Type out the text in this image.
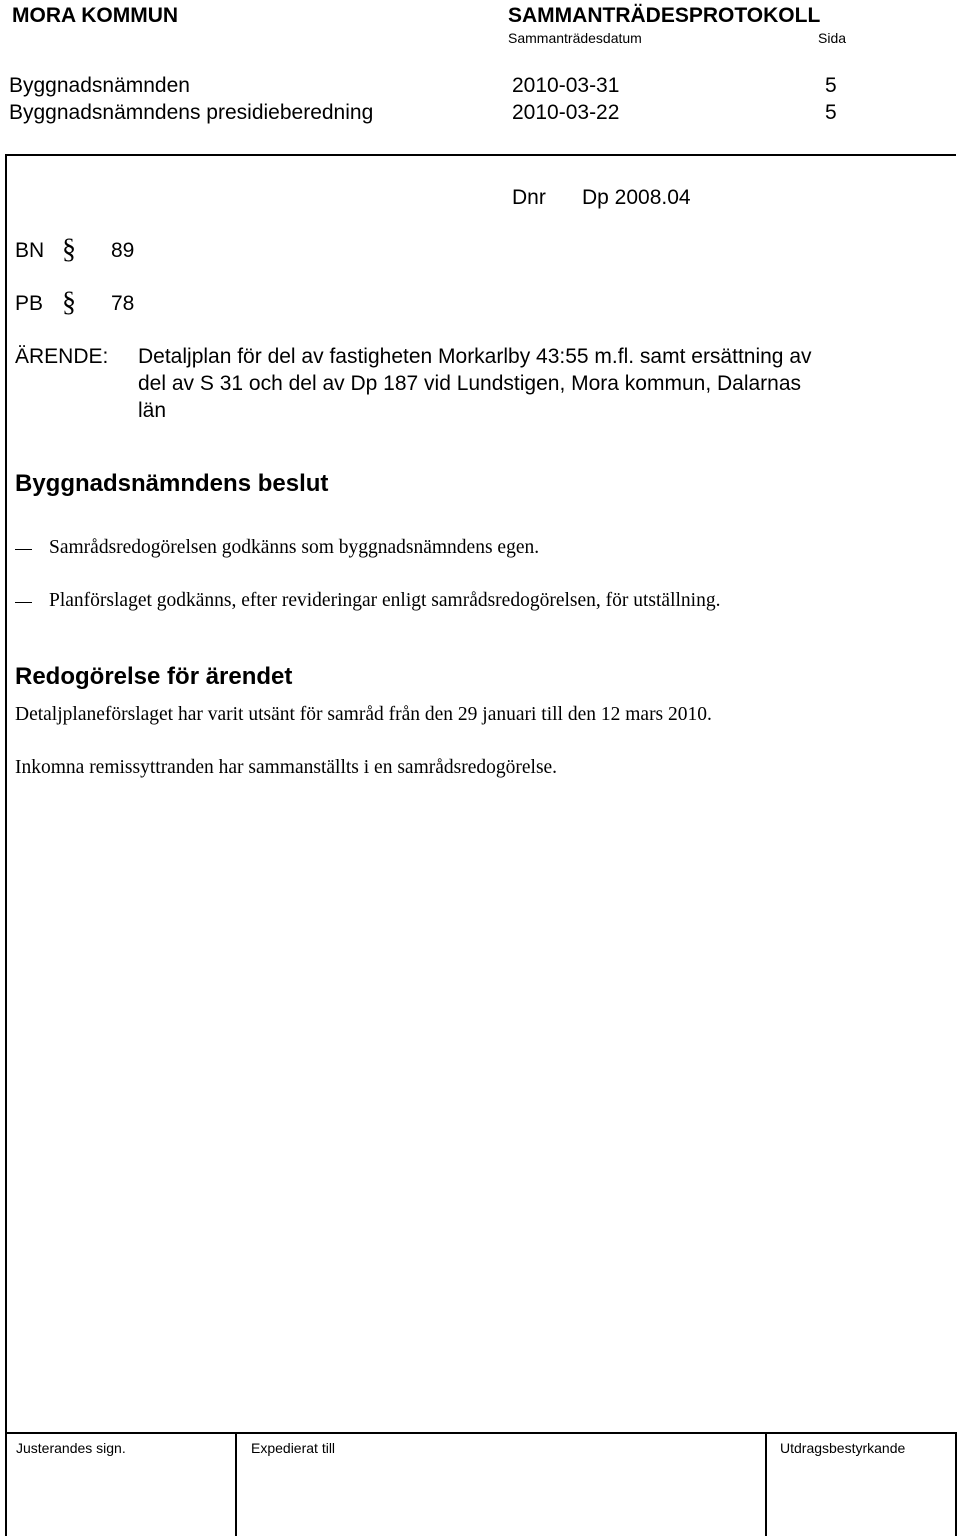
MORA KOMMUN	SAMMANTRÄDESPROTOKOLL
Sammanträdesdatum	Sida
Byggnadsnämnden	2010-03-31	5
Byggnadsnämndens presidieberedning	2010-03-22	5
Dnr Dp 2008.04
BN § 89
PB § 78
ÄRENDE: Detaljplan för del av fastigheten Morkarlby 43:55 m.fl. samt ersättning av
del av S 31 och del av Dp 187 vid Lundstigen, Mora kommun, Dalarnas
län
Byggnadsnämndens beslut
Samrådsredogörelsen godkänns som byggnadsnämndens egen.
Planförslaget godkänns, efter revideringar enligt samrådsredogörelsen, för utställning.
Redogörelse för ärendet
Detaljplaneförslaget har varit utsänt för samråd från den 29 januari till den 12 mars 2010.
Inkomna remissyttranden har sammanställts i en samrådsredogörelse.
Justerandes sign.	Expedierat till	Utdragsbestyrkande
